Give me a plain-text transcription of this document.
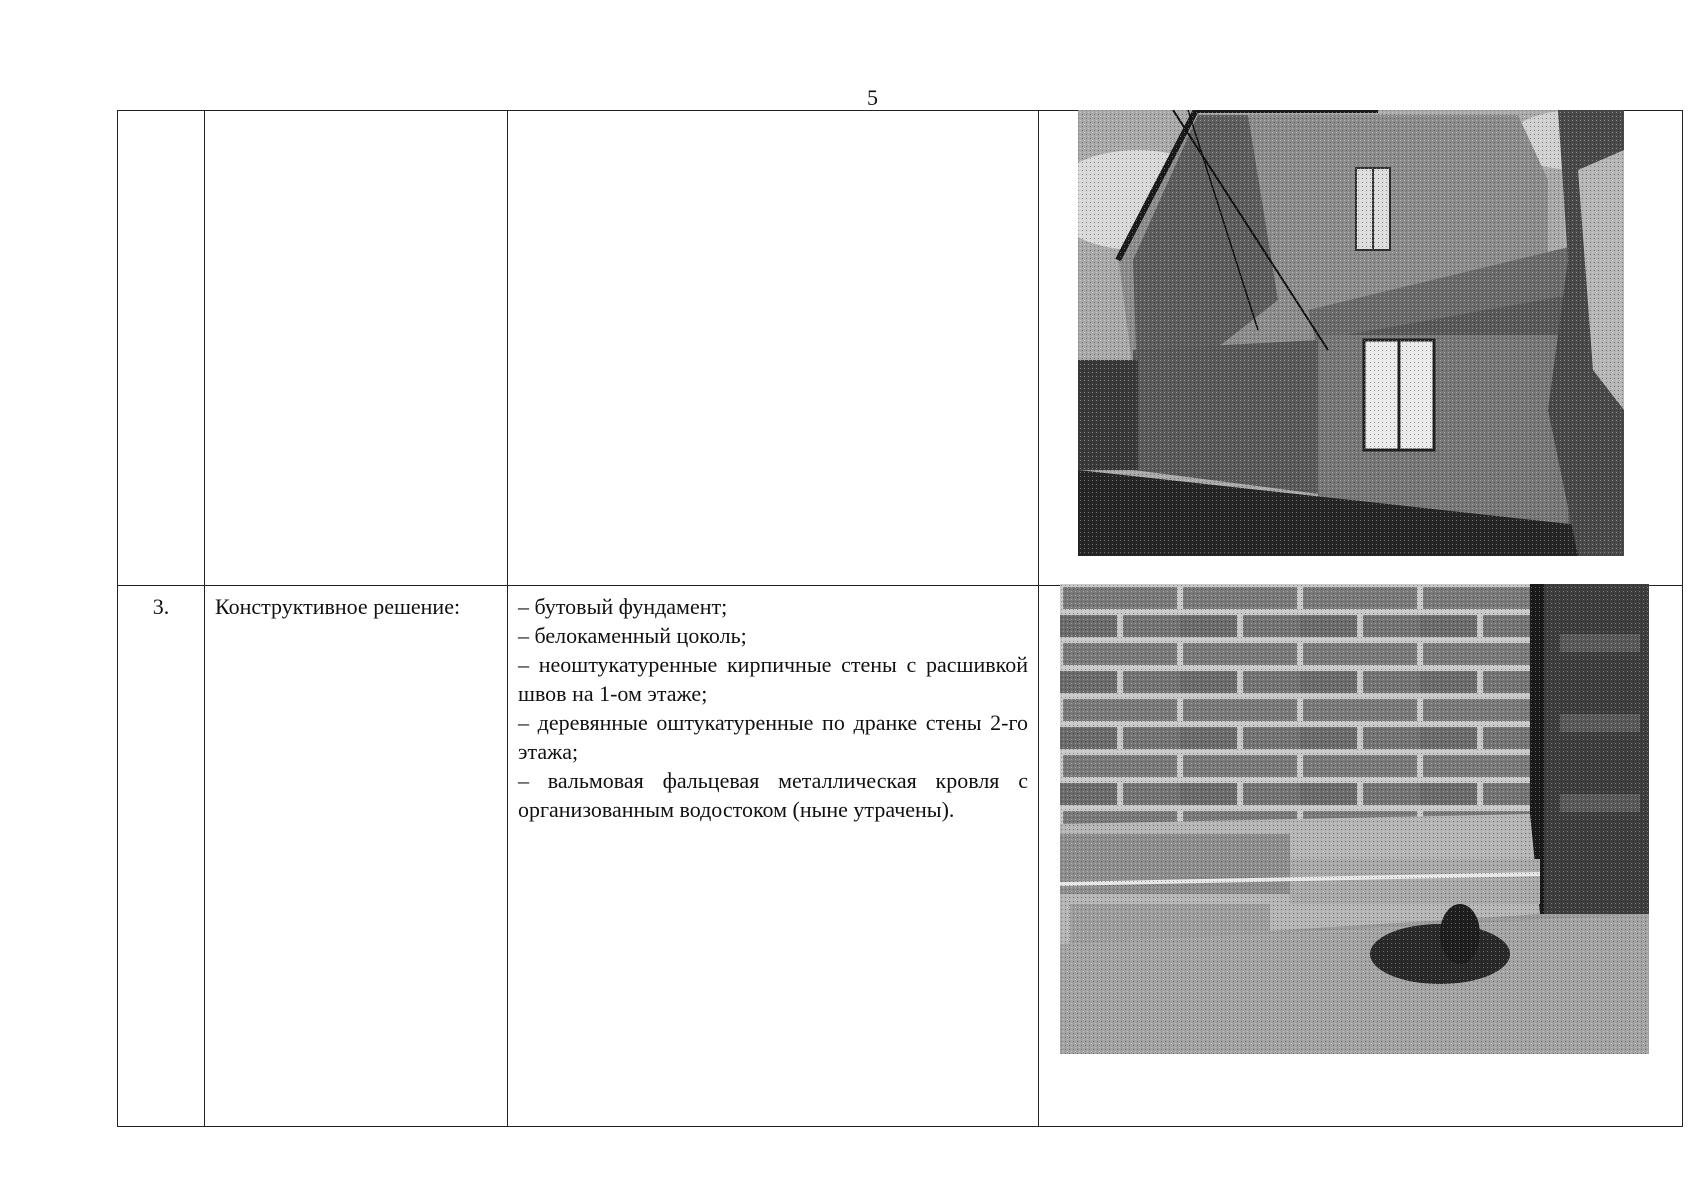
5

3.	Конструктивное решение:	– бутовый фундамент;
– белокаменный цоколь;
– неоштукатуренные кирпичные стены с расшивкой швов на 1-ом этаже;
– деревянные оштукатуренные по дранке стены 2-го этажа;
– вальмовая фальцевая металлическая кровля с организованным водостоком (ныне утрачены).	
